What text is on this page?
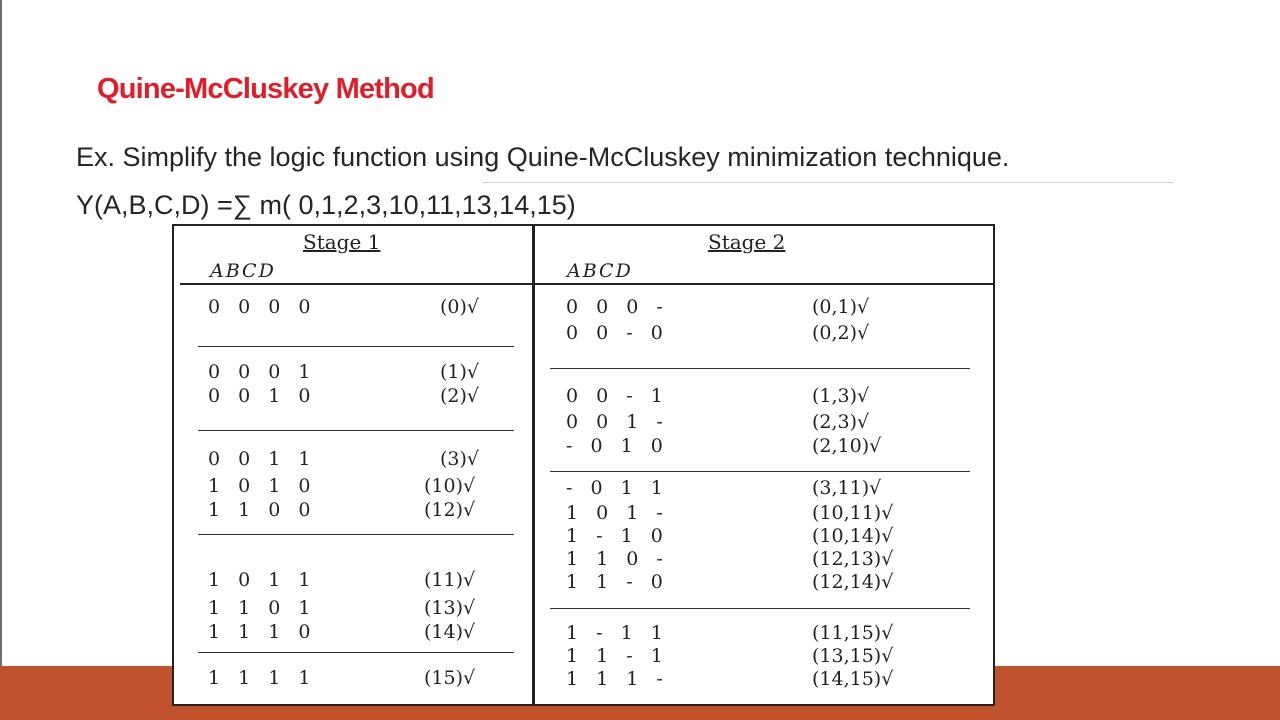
Quine-McCluskey Method
Ex. Simplify the logic function using Quine-McCluskey minimization technique.
Y(A,B,C,D) =∑ m( 0,1,2,3,10,11,13,14,15)
Stage 1
ABCD
Stage 2
ABCD
0 0 0 0	(0)√
0 0 0 1	(1)√
0 0 1 0	(2)√
0 0 1 1	(3)√
1 0 1 0	(10)√
1 1 0 0	(12)√
1 0 1 1	(11)√
1 1 0 1	(13)√
1 1 1 0	(14)√
1 1 1 1	(15)√
0 0 0 -	(0,1)√
0 0 - 0	(0,2)√
0 0 - 1	(1,3)√
0 0 1 -	(2,3)√
- 0 1 0	(2,10)√
- 0 1 1	(3,11)√
1 0 1 -	(10,11)√
1 - 1 0	(10,14)√
1 1 0 -	(12,13)√
1 1 - 0	(12,14)√
1 - 1 1	(11,15)√
1 1 - 1	(13,15)√
1 1 1 -	(14,15)√
